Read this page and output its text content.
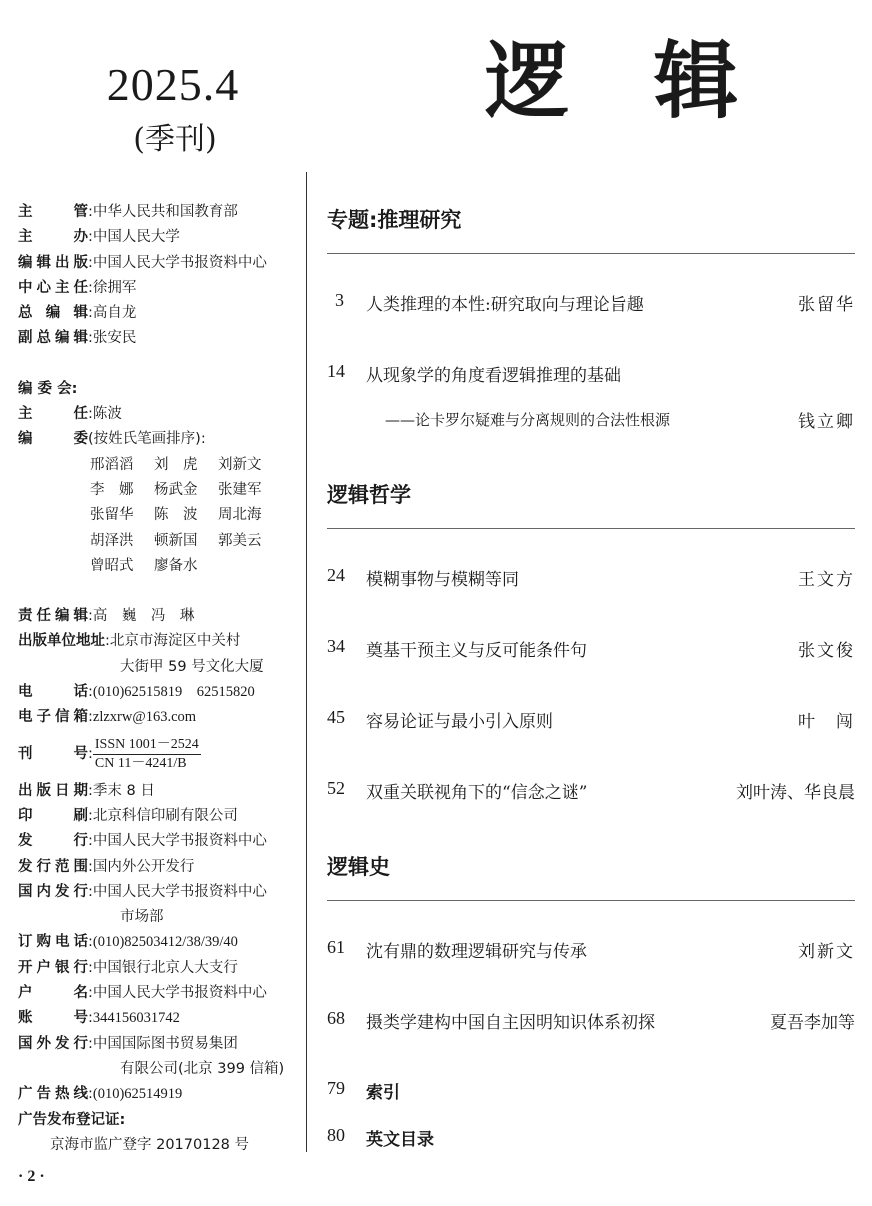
2025.4
(季刊)
逻辑
主　管 : 中华人民共和国教育部
主　办 : 中国人民大学
编辑出版 : 中国人民大学书报资料中心
中心主任 : 徐拥军
总编辑 : 高自龙
副总编辑 : 张安民
编 委 会:
主　任 : 陈波
编　委 (按姓氏笔画排序):
邢滔滔 刘　虎 刘新文
李　娜 杨武金 张建军
张留华 陈　波 周北海
胡泽洪 顿新国 郭美云
曾昭式 廖备水
责任编辑 : 高　巍　冯　琳
出版单位地址 : 北京市海淀区中关村
大街甲 59 号文化大厦
电　话 : (010)62515819　62515820
电子信箱 : zlzxrw@163.com
刊　号 :
ISSN 1001－2524
CN 11－4241/B
出版日期 : 季末 8 日
印　刷 : 北京科信印刷有限公司
发　行 : 中国人民大学书报资料中心
发行范围 : 国内外公开发行
国内发行 : 中国人民大学书报资料中心
市场部
订购电话 : (010)82503412/38/39/40
开户银行 : 中国银行北京人大支行
户　名 : 中国人民大学书报资料中心
账　号 : 344156031742
国外发行 : 中国国际图书贸易集团
有限公司(北京 399 信箱)
广告热线 : (010)62514919
广告发布登记证:
京海市监广登字 20170128 号
· 2 ·
专题:推理研究
3	人类推理的本性:研究取向与理论旨趣	张留华
14	从现象学的角度看逻辑推理的基础
——论卡罗尔疑难与分离规则的合法性根源	钱立卿
逻辑哲学
24	模糊事物与模糊等同	王文方
34	奠基干预主义与反可能条件句	张文俊
45	容易论证与最小引入原则	叶　闯
52	双重关联视角下的“信念之谜”	刘叶涛、华良晨
逻辑史
61	沈有鼎的数理逻辑研究与传承	刘新文
68	摄类学建构中国自主因明知识体系初探	夏吾李加等
79	索引
80	英文目录
